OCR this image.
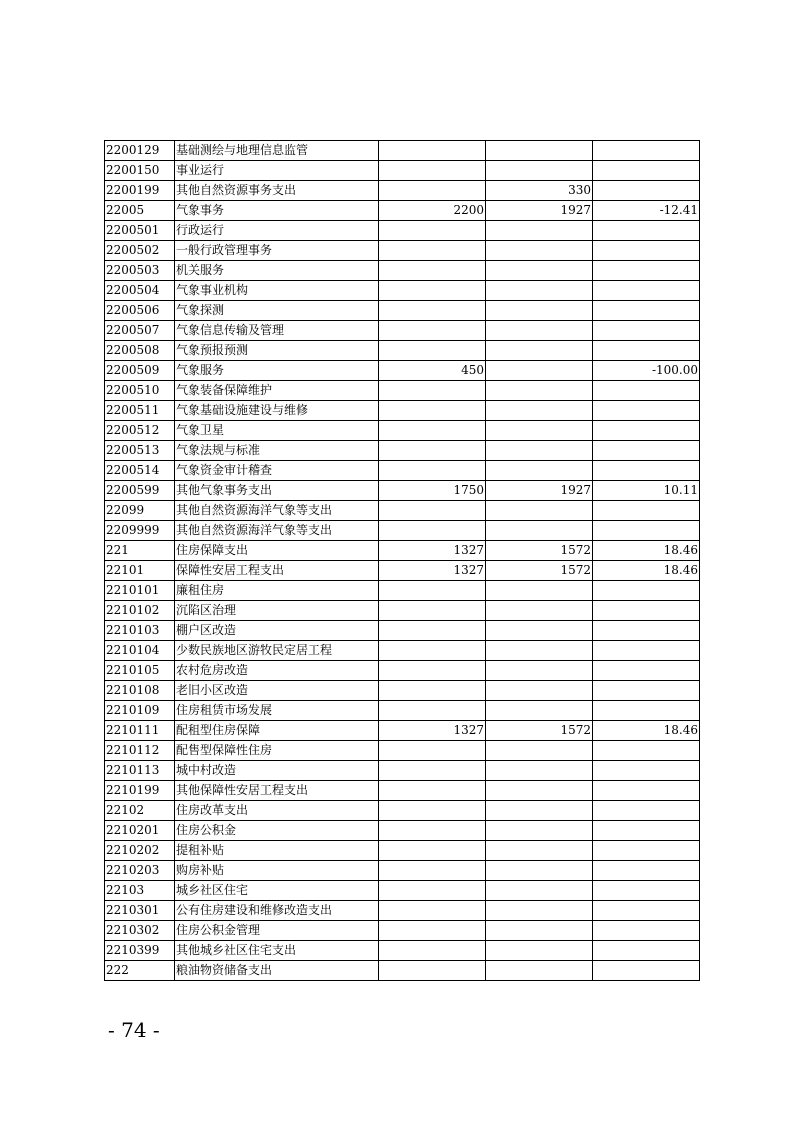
2200129	基础测绘与地理信息监管			
2200150	事业运行			
2200199	其他自然资源事务支出		330	
22005	气象事务	2200	1927	-12.41
2200501	行政运行			
2200502	一般行政管理事务			
2200503	机关服务			
2200504	气象事业机构			
2200506	气象探测			
2200507	气象信息传输及管理			
2200508	气象预报预测			
2200509	气象服务	450		-100.00
2200510	气象装备保障维护			
2200511	气象基础设施建设与维修			
2200512	气象卫星			
2200513	气象法规与标准			
2200514	气象资金审计稽查			
2200599	其他气象事务支出	1750	1927	10.11
22099	其他自然资源海洋气象等支出			
2209999	其他自然资源海洋气象等支出			
221	住房保障支出	1327	1572	18.46
22101	保障性安居工程支出	1327	1572	18.46
2210101	廉租住房			
2210102	沉陷区治理			
2210103	棚户区改造			
2210104	少数民族地区游牧民定居工程			
2210105	农村危房改造			
2210108	老旧小区改造			
2210109	住房租赁市场发展			
2210111	配租型住房保障	1327	1572	18.46
2210112	配售型保障性住房			
2210113	城中村改造			
2210199	其他保障性安居工程支出			
22102	住房改革支出			
2210201	住房公积金			
2210202	提租补贴			
2210203	购房补贴			
22103	城乡社区住宅			
2210301	公有住房建设和维修改造支出			
2210302	住房公积金管理			
2210399	其他城乡社区住宅支出			
222	粮油物资储备支出			
- 74 -
